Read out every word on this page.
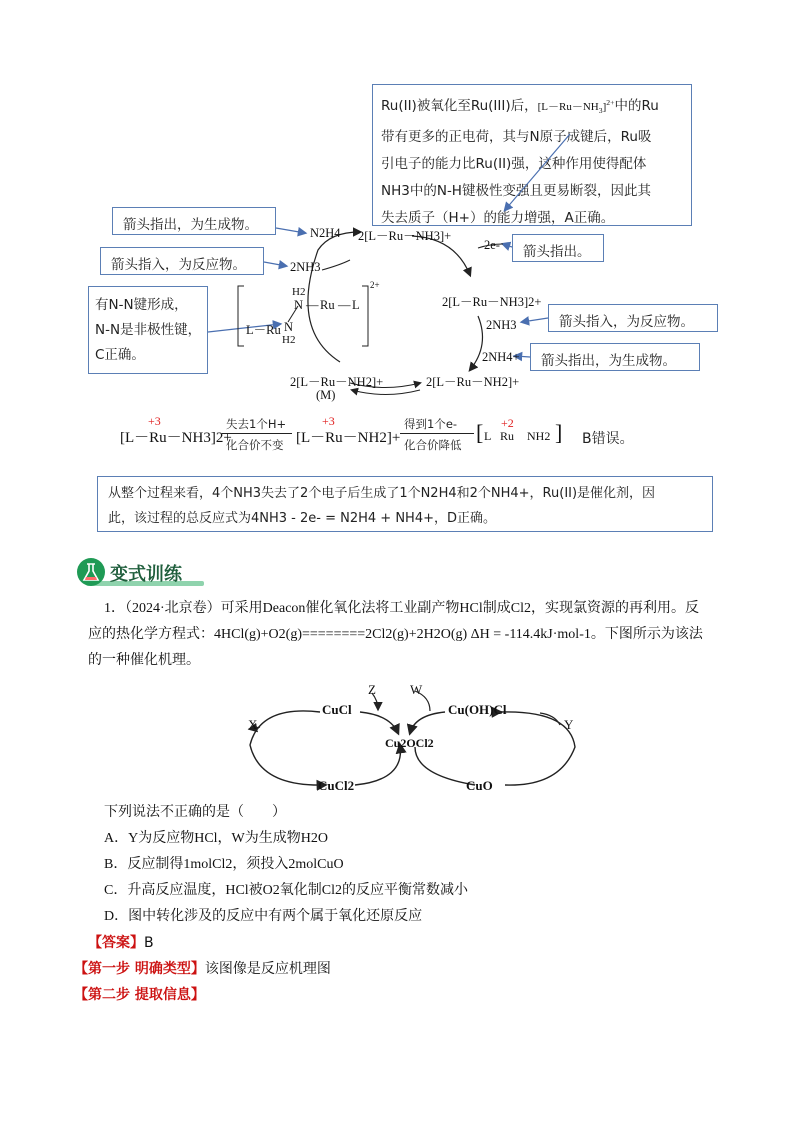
Ru(II)被氧化至Ru(III)后，$[L-Ru-NH_3]^{2+}$中的Ru
带有更多的正电荷，其与N原子成键后，Ru吸
引电子的能力比Ru(II)强，这种作用使得配体
NH3中的N-H键极性变强且更易断裂，因此其
失去质子（H+）的能力增强，A正确。
箭头指出，为生成物。
箭头指入，为反应物。
箭头指出。
有N-N键形成，
N-N是非极性键，
C正确。
箭头指入，为反应物。
箭头指出，为生成物。
N2H4
2NH3
2[L－Ru－NH3]+
2e-
2[L－Ru－NH3]2+
2NH3
2NH4+
2[L－Ru－NH2]+
2[L－Ru－NH2]+
(M)
H2
N — Ru — L
L－Ru N
H2
2+
+3
[L－Ru－NH3]2+
失去1个H+
化合价不变
+3
[L－Ru－NH2]+
得到1个e-
化合价降低 [ +2
L Ru NH2 ] B错误。
从整个过程来看，4个NH3失去了2个电子后生成了1个N2H4和2个NH4+，Ru(II)是催化剂，因
此，该过程的总反应式为4NH3 - 2e- = N2H4 + NH4+，D正确。
变式训练
1．（2024·北京卷）可采用Deacon催化氧化法将工业副产物HCl制成Cl2，实现氯资源的再利用。反
应的热化学方程式：4HCl(g)+O2(g)========2Cl2(g)+2H2O(g) ΔH = -114.4kJ·mol-1。下图所示为该法
的一种催化机理。
Z	W
CuCl	Cu(OH)Cl
X	Y
Cu2OCl2
CuCl2	CuO
下列说法不正确的是（　　）
A．Y为反应物HCl，W为生成物H2O
B．反应制得1molCl2，须投入2molCuO
C．升高反应温度，HCl被O2氧化制Cl2的反应平衡常数减小
D．图中转化涉及的反应中有两个属于氧化还原反应
【答案】B
【第一步 明确类型】该图像是反应机理图
【第二步 提取信息】
